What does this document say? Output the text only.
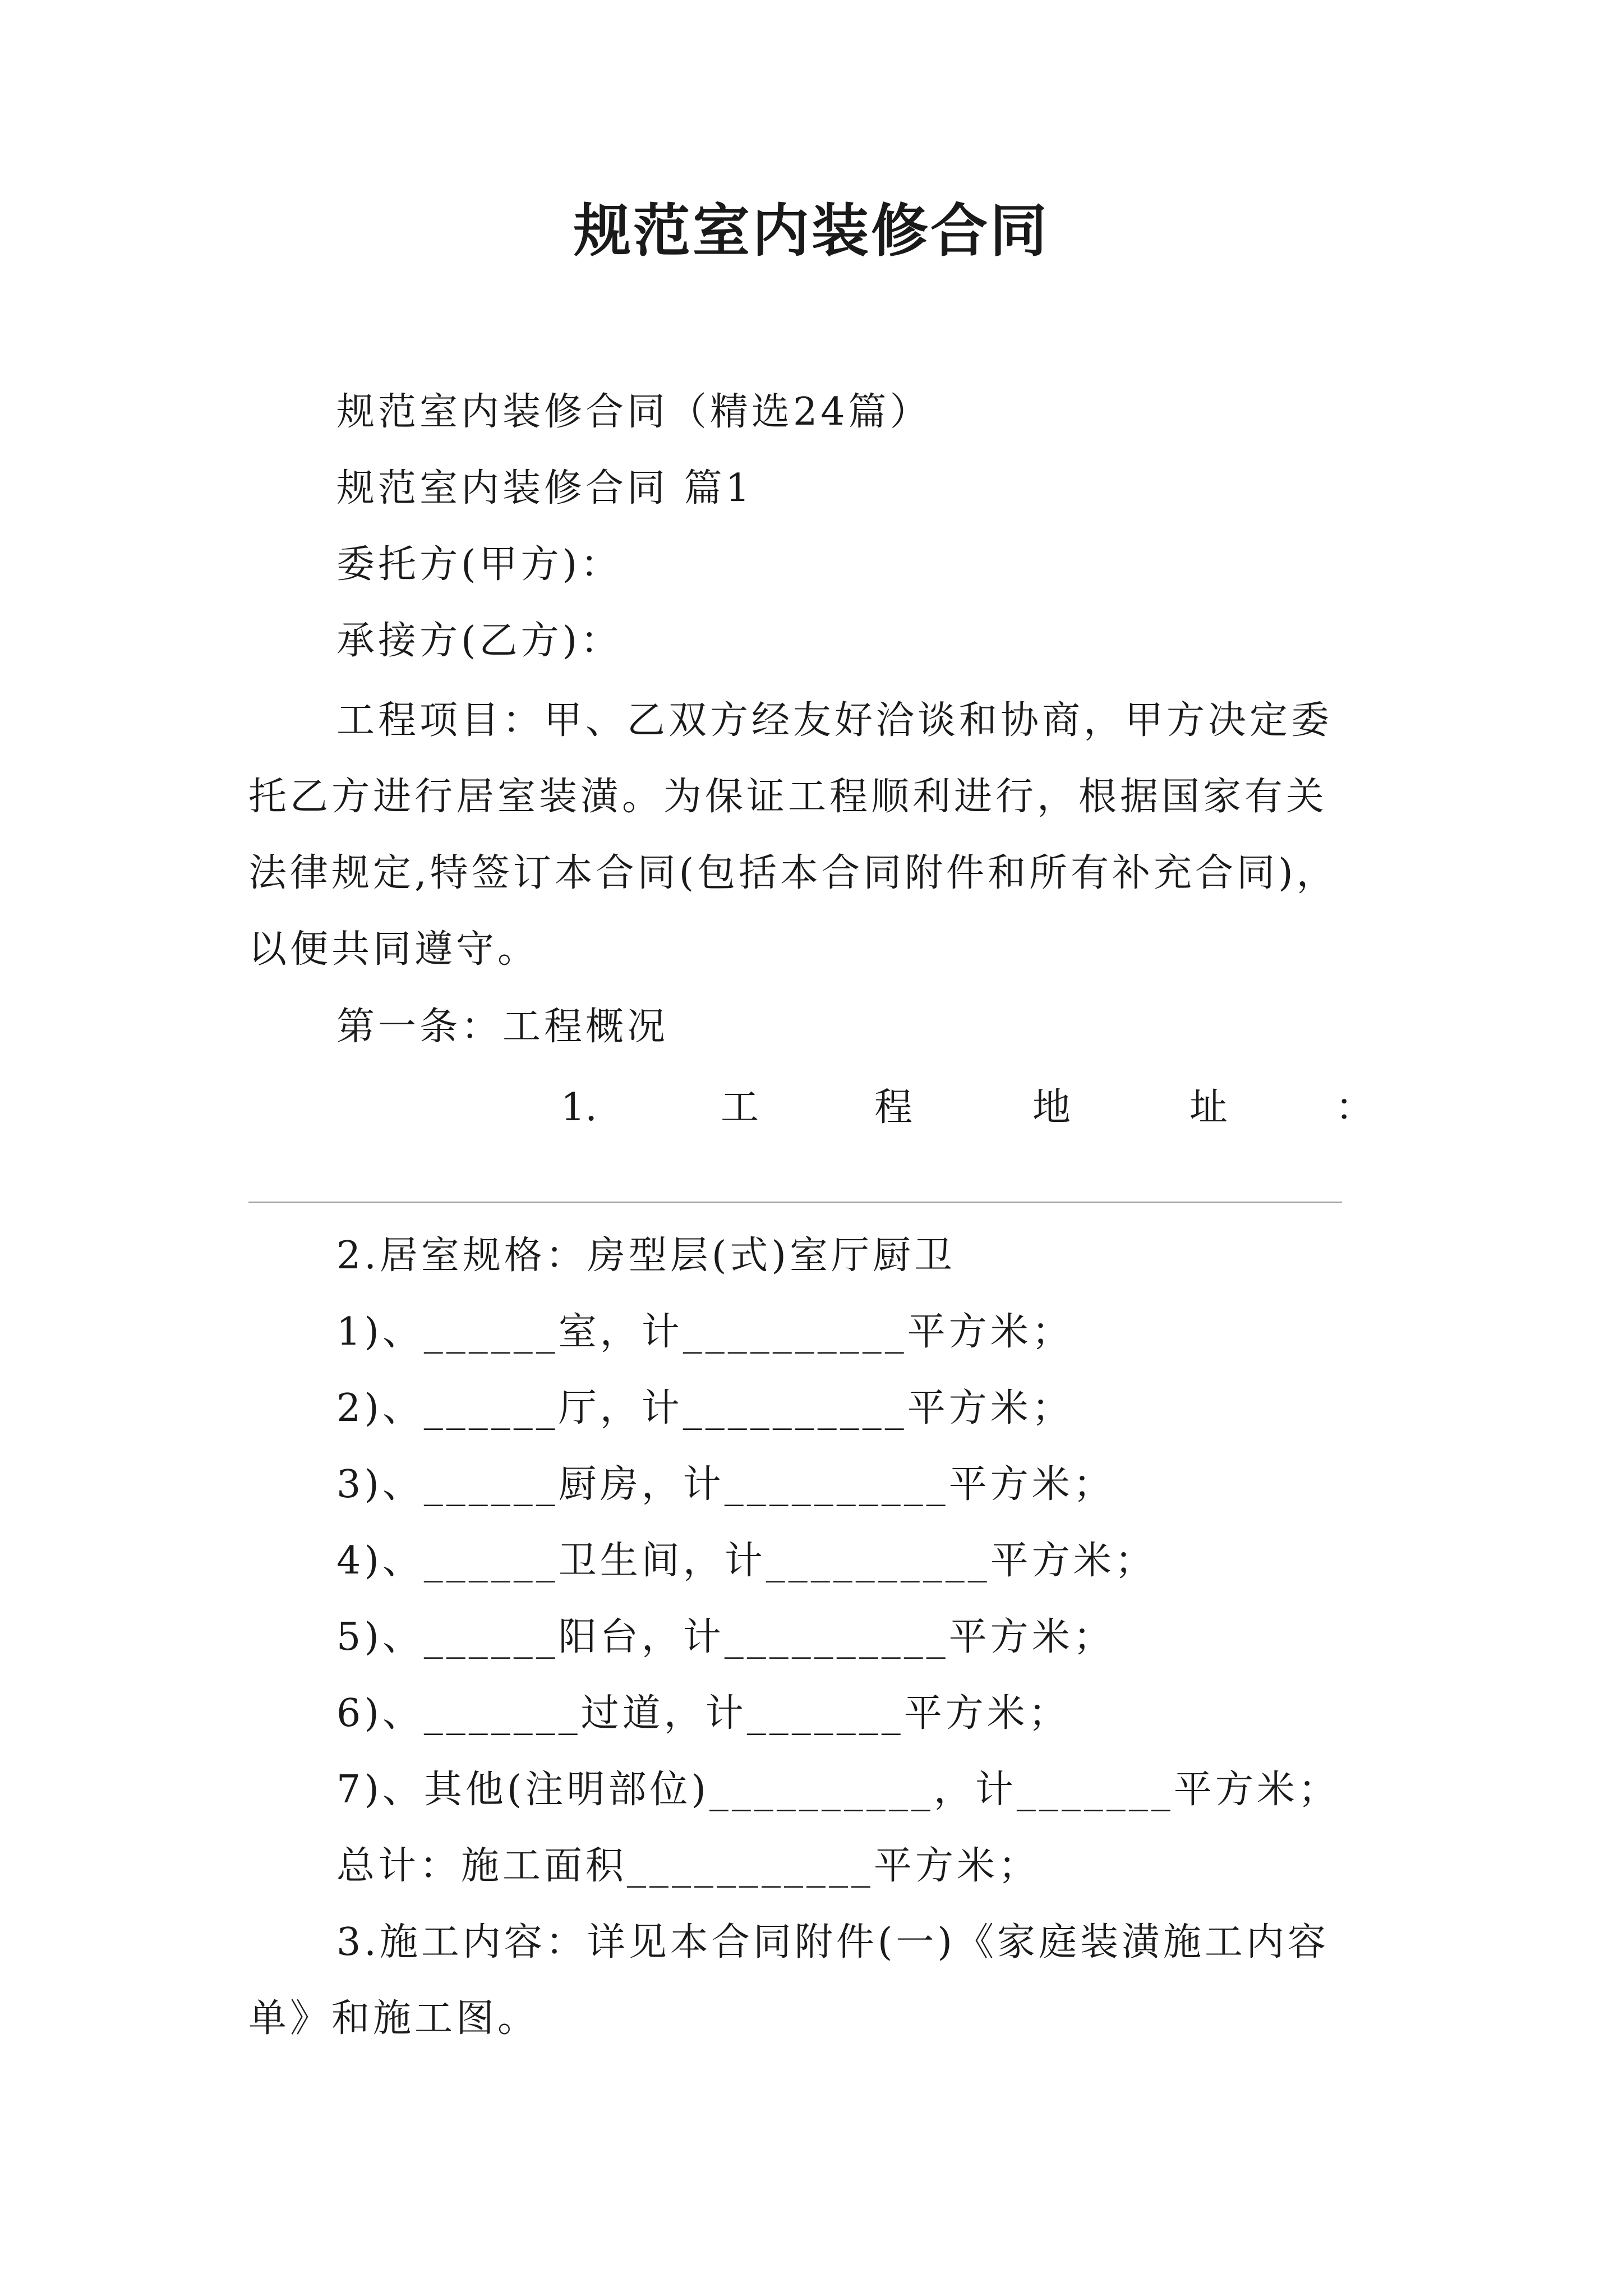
规范室内装修合同

规范室内装修合同（精选24篇）

规范室内装修合同 篇1

委托方(甲方)：

承接方(乙方)：

工程项目：甲、乙双方经友好洽谈和协商，甲方决定委

托乙方进行居室装潢。为保证工程顺利进行，根据国家有关

法律规定,特签订本合同(包括本合同附件和所有补充合同)，

以便共同遵守。

第一条：工程概况

1.	工	程	地	址	：

2.居室规格：房型层(式)室厅厨卫

1)、______室，计__________平方米；

2)、______厅，计__________平方米；

3)、______厨房，计__________平方米；

4)、______卫生间，计__________平方米；

5)、______阳台，计__________平方米；

6)、_______过道，计_______平方米；

7)、其他(注明部位)__________，计_______平方米；

总计：施工面积___________平方米；

3.施工内容：详见本合同附件(一)《家庭装潢施工内容

单》和施工图。
